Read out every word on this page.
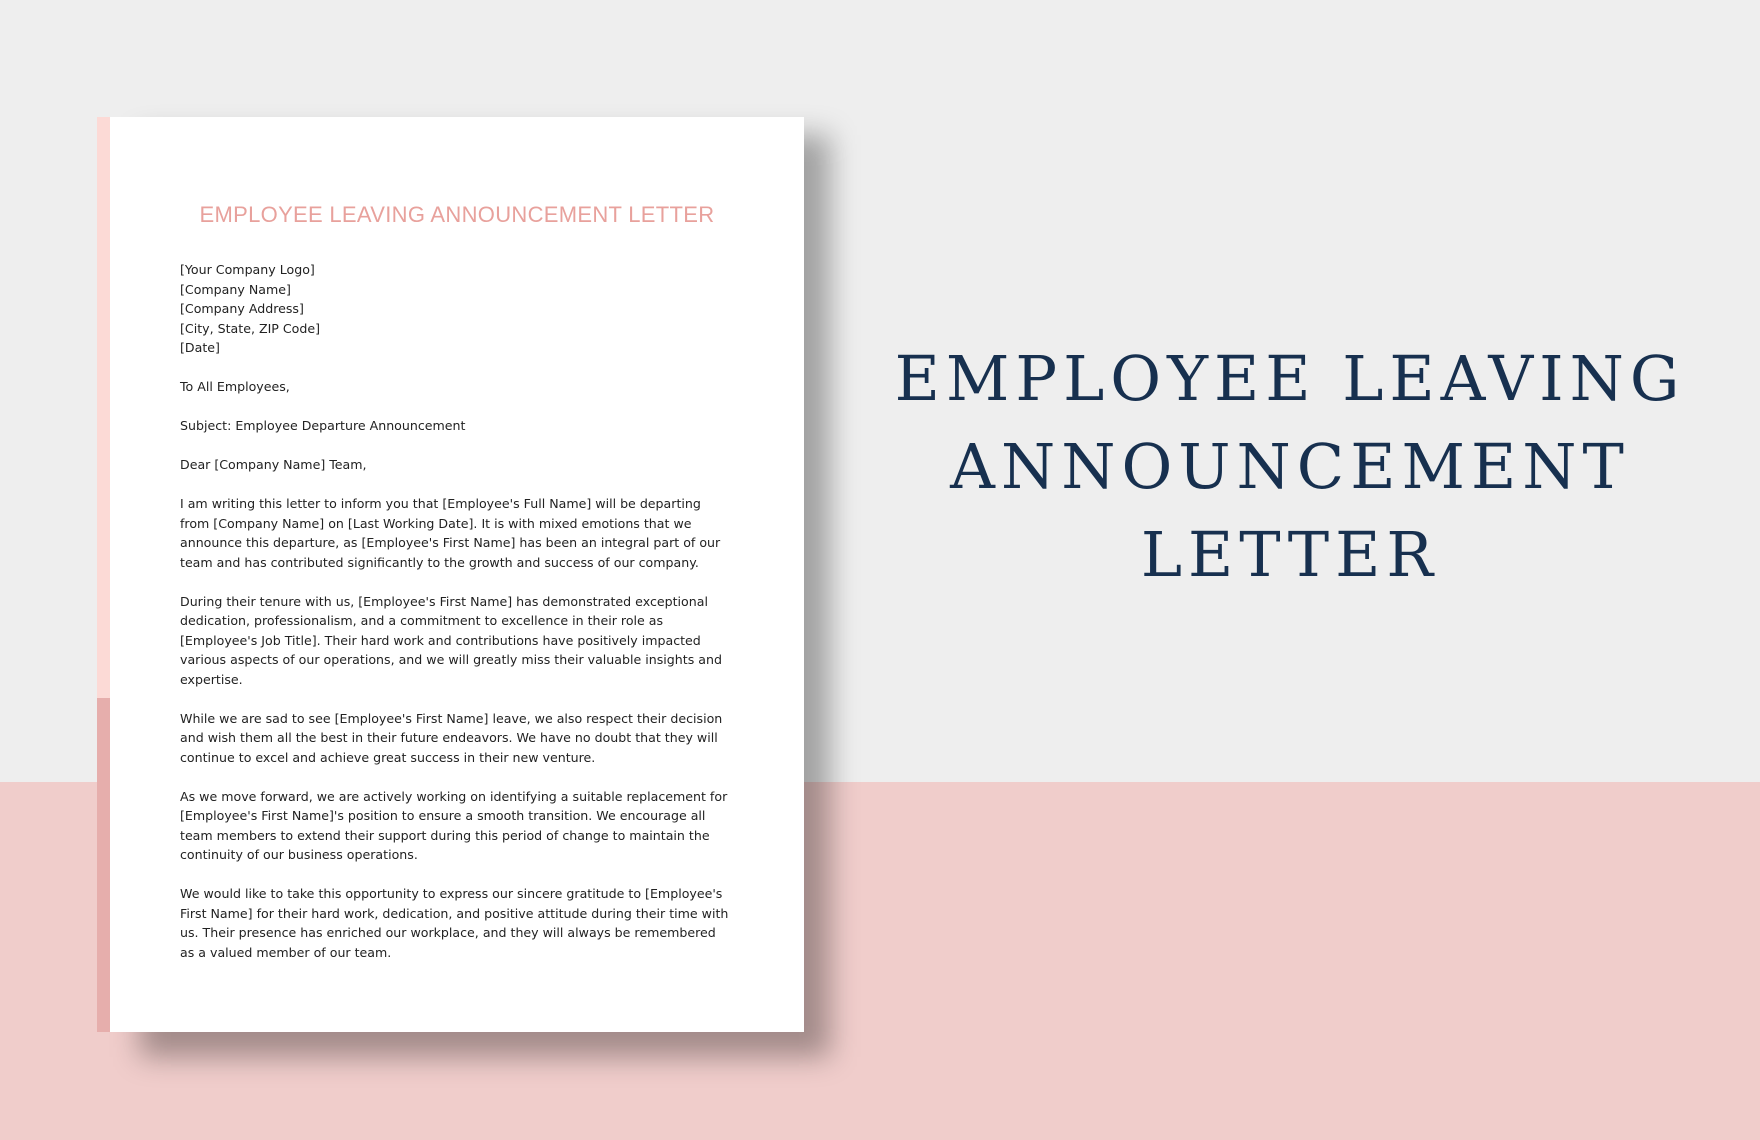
EMPLOYEE LEAVING ANNOUNCEMENT LETTER

[Your Company Logo]
[Company Name]
[Company Address]
[City, State, ZIP Code]
[Date]

To All Employees,

Subject: Employee Departure Announcement

Dear [Company Name] Team,

I am writing this letter to inform you that [Employee's Full Name] will be departing from [Company Name] on [Last Working Date]. It is with mixed emotions that we announce this departure, as [Employee's First Name] has been an integral part of our team and has contributed significantly to the growth and success of our company.

During their tenure with us, [Employee's First Name] has demonstrated exceptional dedication, professionalism, and a commitment to excellence in their role as [Employee's Job Title]. Their hard work and contributions have positively impacted various aspects of our operations, and we will greatly miss their valuable insights and expertise.

While we are sad to see [Employee's First Name] leave, we also respect their decision and wish them all the best in their future endeavors. We have no doubt that they will continue to excel and achieve great success in their new venture.

As we move forward, we are actively working on identifying a suitable replacement for [Employee's First Name]'s position to ensure a smooth transition. We encourage all team members to extend their support during this period of change to maintain the continuity of our business operations.

We would like to take this opportunity to express our sincere gratitude to [Employee's First Name] for their hard work, dedication, and positive attitude during their time with us. Their presence has enriched our workplace, and they will always be remembered as a valued member of our team.

EMPLOYEE LEAVING
ANNOUNCEMENT
LETTER
